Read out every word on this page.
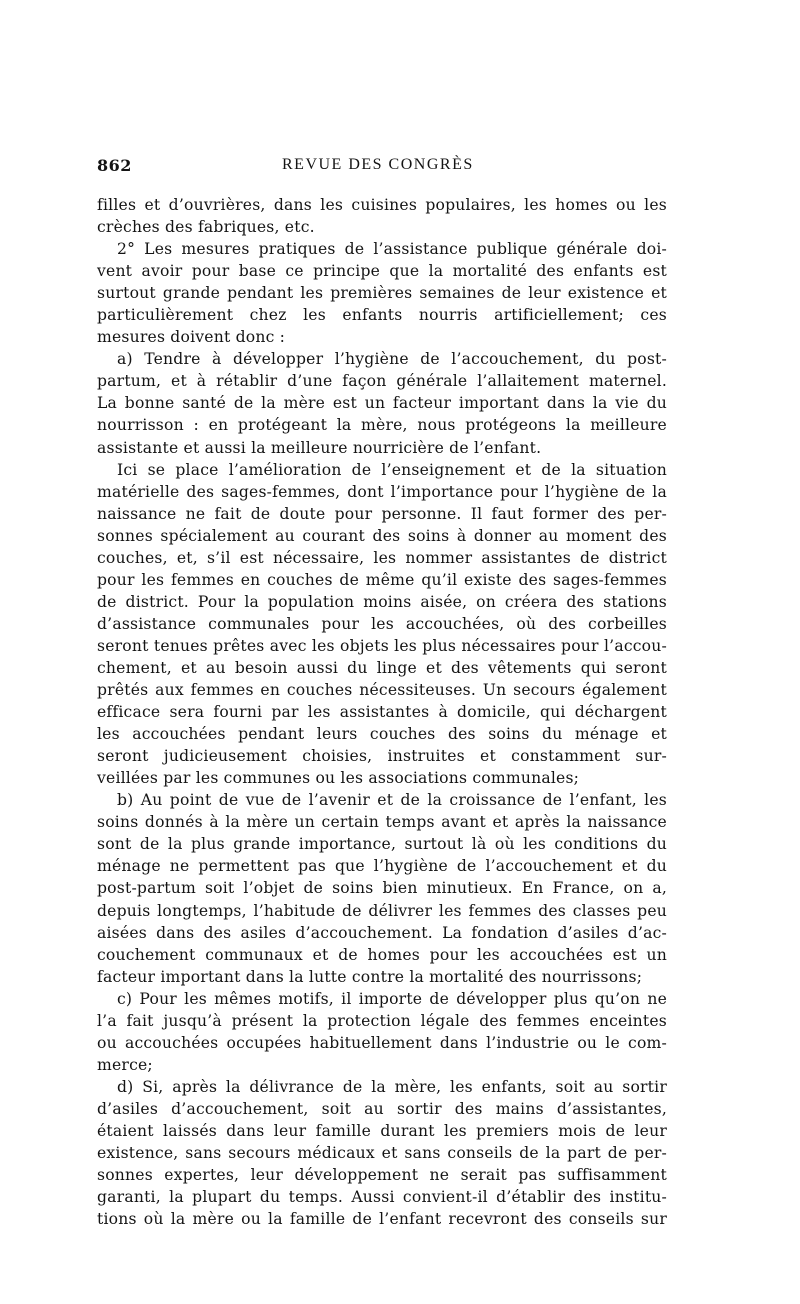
862	REVUE DES CONGRÈS
filles et d’ouvrières, dans les cuisines populaires, les homes ou les
crèches des fabriques, etc.
2° Les mesures pratiques de l’assistance publique générale doi-
vent avoir pour base ce principe que la mortalité des enfants est
surtout grande pendant les premières semaines de leur existence et
particulièrement chez les enfants nourris artificiellement; ces
mesures doivent donc :
a) Tendre à développer l’hygiène de l’accouchement, du post-
partum, et à rétablir d’une façon générale l’allaitement maternel.
La bonne santé de la mère est un facteur important dans la vie du
nourrisson : en protégeant la mère, nous protégeons la meilleure
assistante et aussi la meilleure nourricière de l’enfant.
Ici se place l’amélioration de l’enseignement et de la situation
matérielle des sages-femmes, dont l’importance pour l’hygiène de la
naissance ne fait de doute pour personne. Il faut former des per-
sonnes spécialement au courant des soins à donner au moment des
couches, et, s’il est nécessaire, les nommer assistantes de district
pour les femmes en couches de même qu’il existe des sages-femmes
de district. Pour la population moins aisée, on créera des stations
d’assistance communales pour les accouchées, où des corbeilles
seront tenues prêtes avec les objets les plus nécessaires pour l’accou-
chement, et au besoin aussi du linge et des vêtements qui seront
prêtés aux femmes en couches nécessiteuses. Un secours également
efficace sera fourni par les assistantes à domicile, qui déchargent
les accouchées pendant leurs couches des soins du ménage et
seront judicieusement choisies, instruites et constamment sur-
veillées par les communes ou les associations communales;
b) Au point de vue de l’avenir et de la croissance de l’enfant, les
soins donnés à la mère un certain temps avant et après la naissance
sont de la plus grande importance, surtout là où les conditions du
ménage ne permettent pas que l’hygiène de l’accouchement et du
post-partum soit l’objet de soins bien minutieux. En France, on a,
depuis longtemps, l’habitude de délivrer les femmes des classes peu
aisées dans des asiles d’accouchement. La fondation d’asiles d’ac-
couchement communaux et de homes pour les accouchées est un
facteur important dans la lutte contre la mortalité des nourrissons;
c) Pour les mêmes motifs, il importe de développer plus qu’on ne
l’a fait jusqu’à présent la protection légale des femmes enceintes
ou accouchées occupées habituellement dans l’industrie ou le com-
merce;
d) Si, après la délivrance de la mère, les enfants, soit au sortir
d’asiles d’accouchement, soit au sortir des mains d’assistantes,
étaient laissés dans leur famille durant les premiers mois de leur
existence, sans secours médicaux et sans conseils de la part de per-
sonnes expertes, leur développement ne serait pas suffisamment
garanti, la plupart du temps. Aussi convient-il d’établir des institu-
tions où la mère ou la famille de l’enfant recevront des conseils sur
